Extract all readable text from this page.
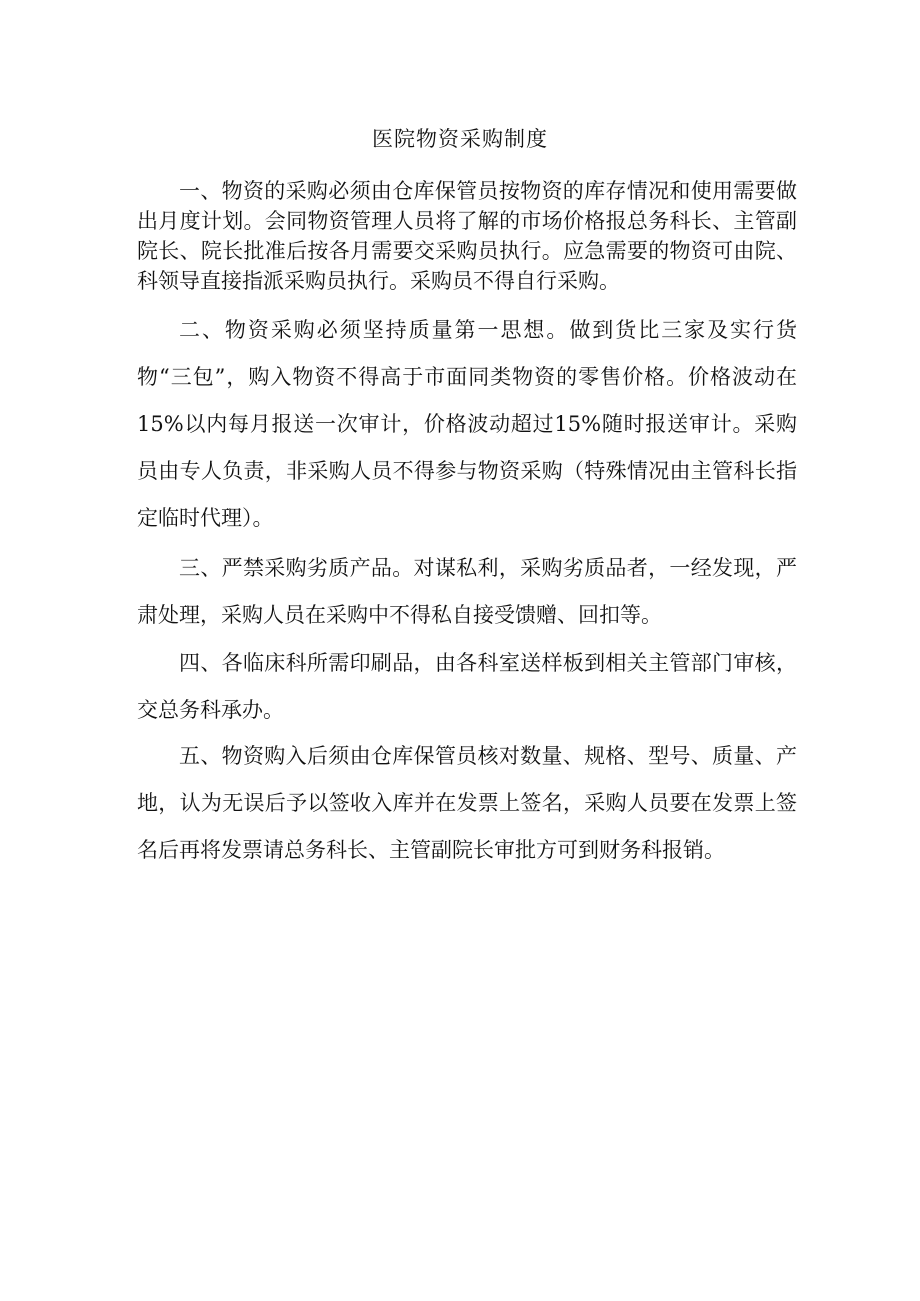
医院物资采购制度

一、物资的采购必须由仓库保管员按物资的库存情况和使用需要做出月度计划。会同物资管理人员将了解的市场价格报总务科长、主管副院长、院长批准后按各月需要交采购员执行。应急需要的物资可由院、科领导直接指派采购员执行。采购员不得自行采购。

二、物资采购必须坚持质量第一思想。做到货比三家及实行货物“三包”，购入物资不得高于市面同类物资的零售价格。价格波动在15%以内每月报送一次审计，价格波动超过15%随时报送审计。采购员由专人负责，非采购人员不得参与物资采购（特殊情况由主管科长指定临时代理）。

三、严禁采购劣质产品。对谋私利，采购劣质品者，一经发现，严肃处理，采购人员在采购中不得私自接受馈赠、回扣等。

四、各临床科所需印刷品，由各科室送样板到相关主管部门审核，交总务科承办。

五、物资购入后须由仓库保管员核对数量、规格、型号、质量、产地，认为无误后予以签收入库并在发票上签名，采购人员要在发票上签名后再将发票请总务科长、主管副院长审批方可到财务科报销。
